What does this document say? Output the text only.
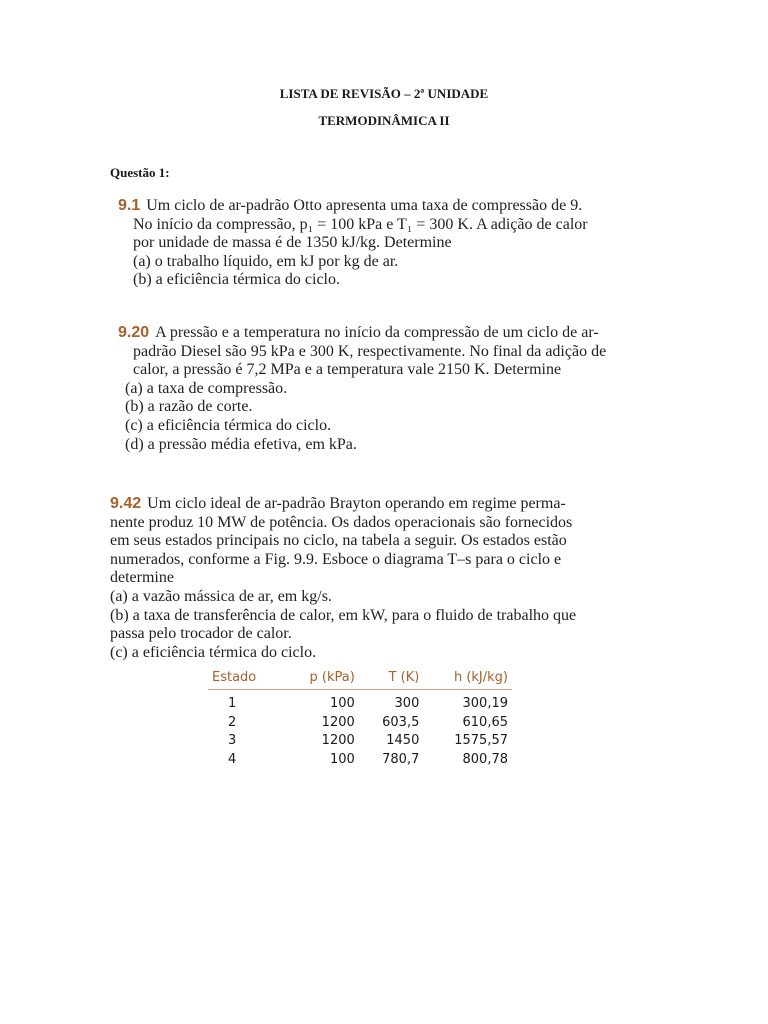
LISTA DE REVISÃO – 2ª UNIDADE
TERMODINÂMICA II
Questão 1:
9.1 Um ciclo de ar-padrão Otto apresenta uma taxa de compressão de 9.
No início da compressão, p₁ = 100 kPa e T₁ = 300 K. A adição de calor
por unidade de massa é de 1350 kJ/kg. Determine
(a) o trabalho líquido, em kJ por kg de ar.
(b) a eficiência térmica do ciclo.
9.20 A pressão e a temperatura no início da compressão de um ciclo de ar-
padrão Diesel são 95 kPa e 300 K, respectivamente. No final da adição de
calor, a pressão é 7,2 MPa e a temperatura vale 2150 K. Determine
(a) a taxa de compressão.
(b) a razão de corte.
(c) a eficiência térmica do ciclo.
(d) a pressão média efetiva, em kPa.
9.42 Um ciclo ideal de ar-padrão Brayton operando em regime perma-
nente produz 10 MW de potência. Os dados operacionais são fornecidos
em seus estados principais no ciclo, na tabela a seguir. Os estados estão
numerados, conforme a Fig. 9.9. Esboce o diagrama T–s para o ciclo e
determine
(a) a vazão mássica de ar, em kg/s.
(b) a taxa de transferência de calor, em kW, para o fluido de trabalho que
passa pelo trocador de calor.
(c) a eficiência térmica do ciclo.
Estado	p (kPa)	T (K)	h (kJ/kg)
1	100	300	300,19
2	1200	603,5	610,65
3	1200	1450	1575,57
4	100	780,7	800,78
